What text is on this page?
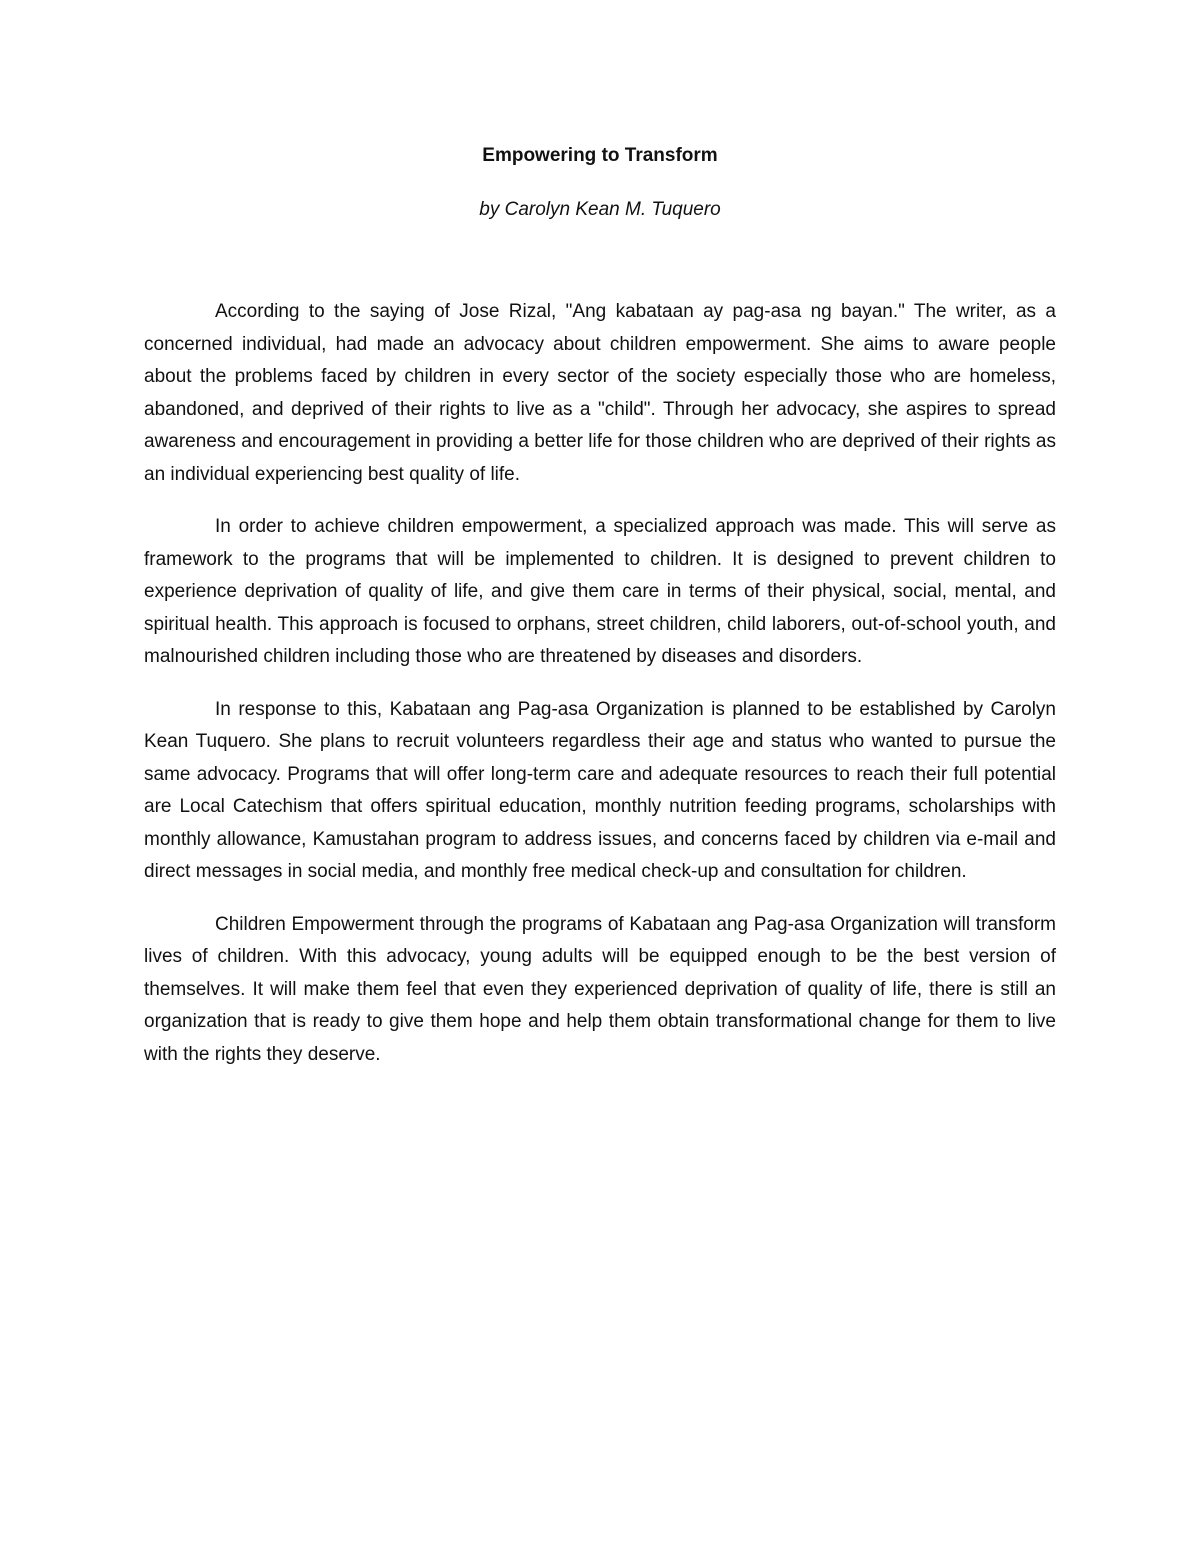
Empowering to Transform
by Carolyn Kean M. Tuquero

According to the saying of Jose Rizal, "Ang kabataan ay pag-asa ng bayan." The writer, as a concerned individual, had made an advocacy about children empowerment. She aims to aware people about the problems faced by children in every sector of the society especially those who are homeless, abandoned, and deprived of their rights to live as a "child". Through her advocacy, she aspires to spread awareness and encouragement in providing a better life for those children who are deprived of their rights as an individual experiencing best quality of life.

In order to achieve children empowerment, a specialized approach was made. This will serve as framework to the programs that will be implemented to children. It is designed to prevent children to experience deprivation of quality of life, and give them care in terms of their physical, social, mental, and spiritual health. This approach is focused to orphans, street children, child laborers, out-of-school youth, and malnourished children including those who are threatened by diseases and disorders.

In response to this, Kabataan ang Pag-asa Organization is planned to be established by Carolyn Kean Tuquero. She plans to recruit volunteers regardless their age and status who wanted to pursue the same advocacy. Programs that will offer long-term care and adequate resources to reach their full potential are Local Catechism that offers spiritual education, monthly nutrition feeding programs, scholarships with monthly allowance, Kamustahan program to address issues, and concerns faced by children via e-mail and direct messages in social media, and monthly free medical check-up and consultation for children.

Children Empowerment through the programs of Kabataan ang Pag-asa Organization will transform lives of children. With this advocacy, young adults will be equipped enough to be the best version of themselves. It will make them feel that even they experienced deprivation of quality of life, there is still an organization that is ready to give them hope and help them obtain transformational change for them to live with the rights they deserve.
